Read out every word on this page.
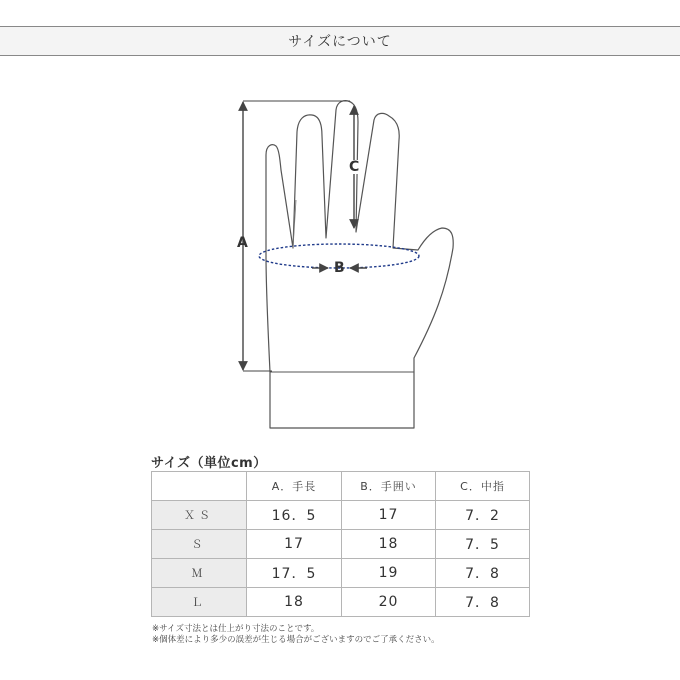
サイズについて
A
B
C
サイズ（単位cm）
	A．手長	B．手囲い	C．中指
ＸＳ	16．5	17	7．2
Ｓ	17	18	7．5
Ｍ	17．5	19	7．8
Ｌ	18	20	7．8
※サイズ寸法とは仕上がり寸法のことです。
※個体差により多少の誤差が生じる場合がございますのでご了承ください。
